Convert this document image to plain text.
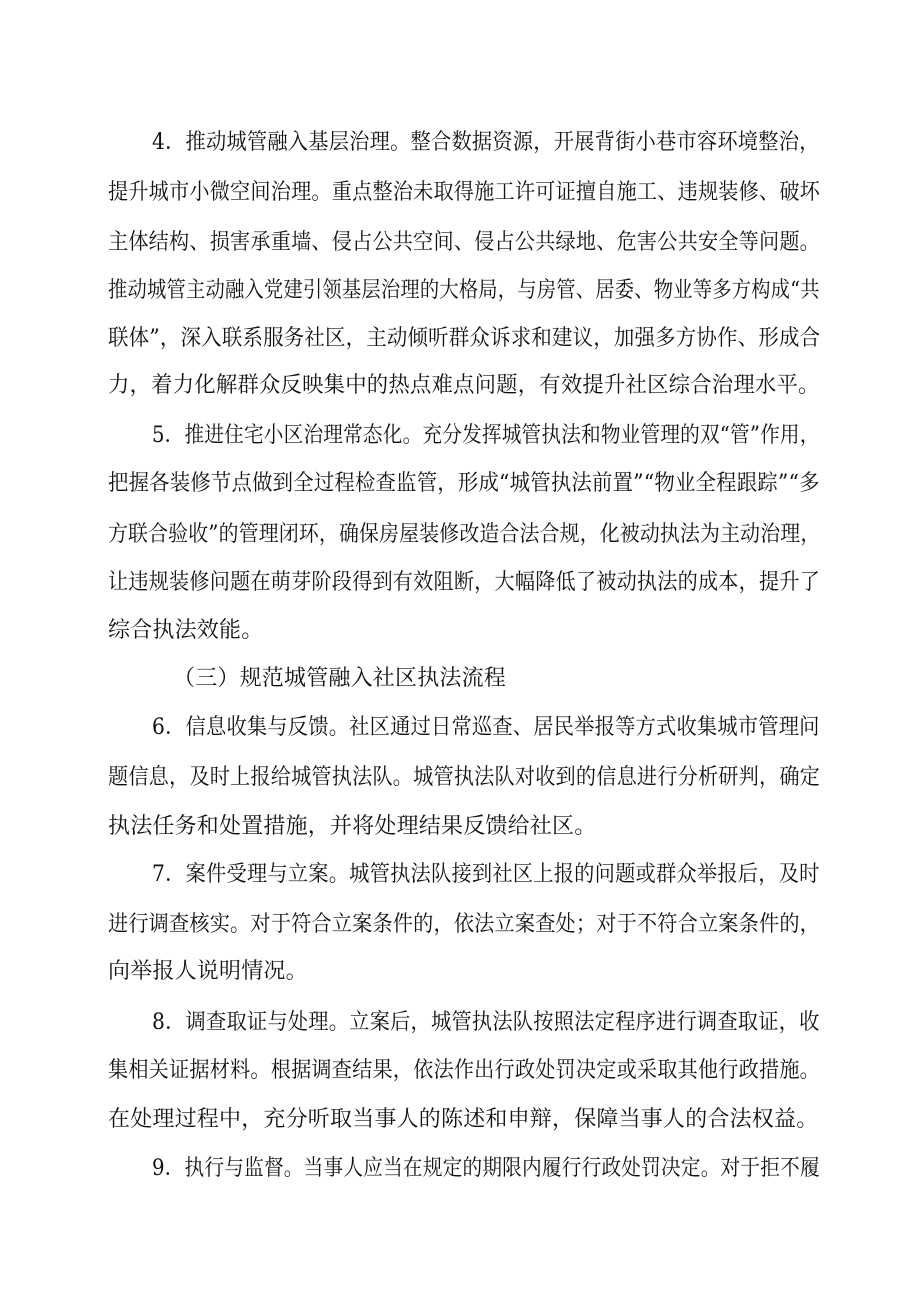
4．推动城管融入基层治理。整合数据资源，开展背街小巷市容环境整治，
提升城市小微空间治理。重点整治未取得施工许可证擅自施工、违规装修、破坏
主体结构、损害承重墙、侵占公共空间、侵占公共绿地、危害公共安全等问题。
推动城管主动融入党建引领基层治理的大格局，与房管、居委、物业等多方构成“共
联体”，深入联系服务社区，主动倾听群众诉求和建议，加强多方协作、形成合
力，着力化解群众反映集中的热点难点问题，有效提升社区综合治理水平。
5．推进住宅小区治理常态化。充分发挥城管执法和物业管理的双“管”作用，
把握各装修节点做到全过程检查监管，形成“城管执法前置”“物业全程跟踪”“多
方联合验收”的管理闭环，确保房屋装修改造合法合规，化被动执法为主动治理，
让违规装修问题在萌芽阶段得到有效阻断，大幅降低了被动执法的成本，提升了
综合执法效能。
（三）规范城管融入社区执法流程
6．信息收集与反馈。社区通过日常巡查、居民举报等方式收集城市管理问
题信息，及时上报给城管执法队。城管执法队对收到的信息进行分析研判，确定
执法任务和处置措施，并将处理结果反馈给社区。
7．案件受理与立案。城管执法队接到社区上报的问题或群众举报后，及时
进行调查核实。对于符合立案条件的，依法立案查处；对于不符合立案条件的，
向举报人说明情况。
8．调查取证与处理。立案后，城管执法队按照法定程序进行调查取证，收
集相关证据材料。根据调查结果，依法作出行政处罚决定或采取其他行政措施。
在处理过程中，充分听取当事人的陈述和申辩，保障当事人的合法权益。
9．执行与监督。当事人应当在规定的期限内履行行政处罚决定。对于拒不履
